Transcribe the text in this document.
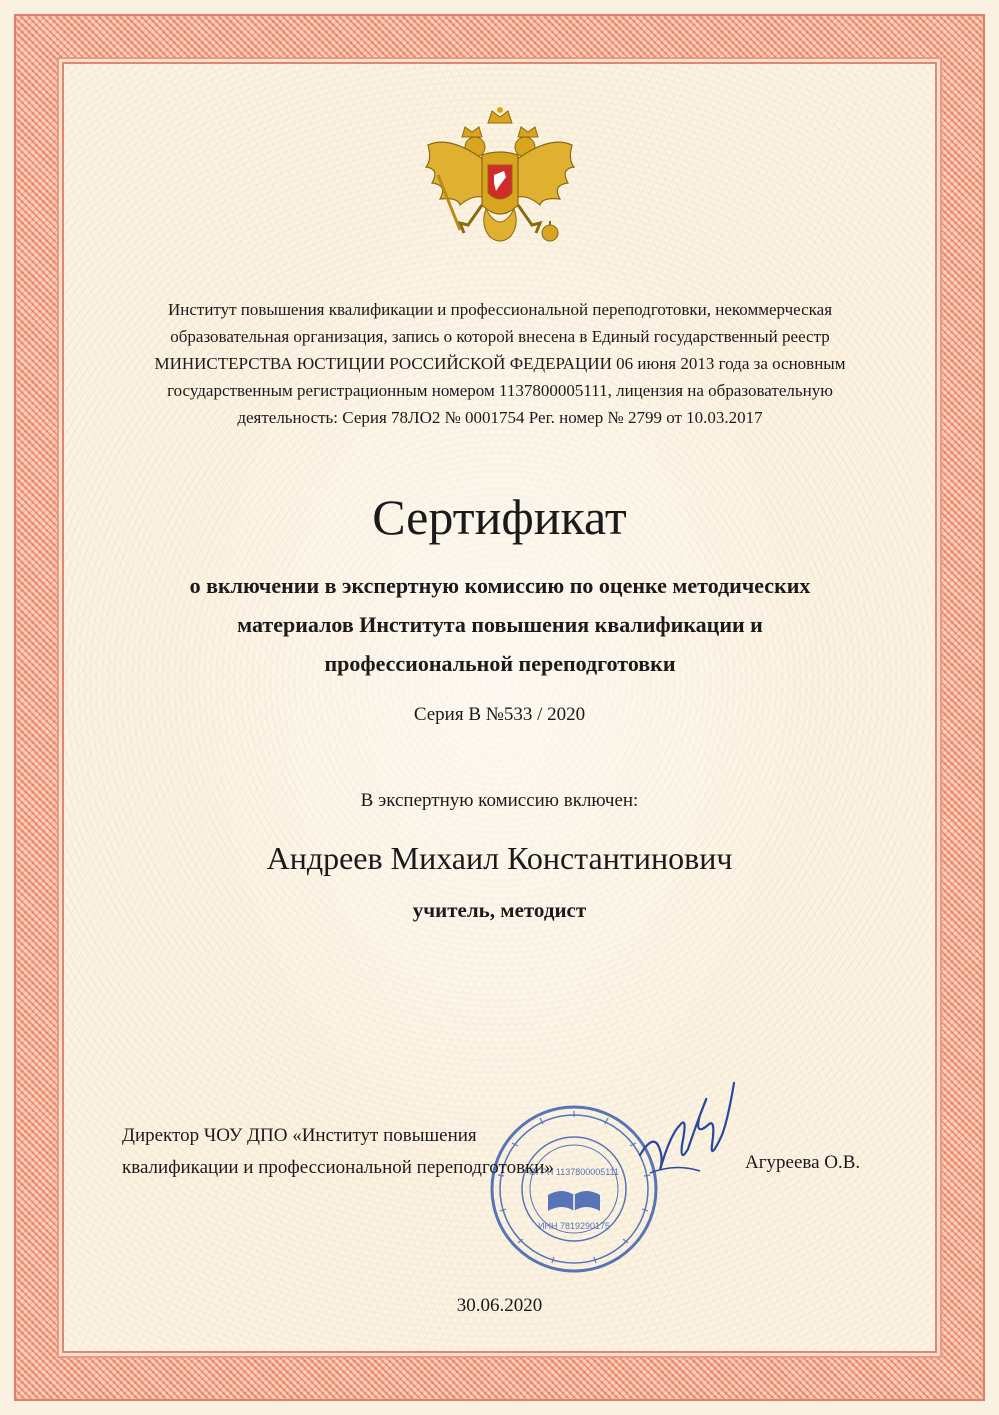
Институт повышения квалификации и профессиональной переподготовки, некоммерческая
образовательная организация, запись о которой внесена в Единый государственный реестр
МИНИСТЕРСТВА ЮСТИЦИИ РОССИЙСКОЙ ФЕДЕРАЦИИ 06 июня 2013 года за основным
государственным регистрационным номером 1137800005111, лицензия на образовательную
деятельность: Серия 78ЛО2 № 0001754 Рег. номер № 2799 от 10.03.2017
Сертификат
о включении в экспертную комиссию по оценке методических
материалов Института повышения квалификации и
профессиональной переподготовки
Серия В №533 / 2020
В экспертную комиссию включен:
Андреев Михаил Константинович
учитель, методист
ОГРН 1137800005111
ИНН 7819290175
Директор ЧОУ ДПО «Институт повышения
квалификации и профессиональной переподготовки»	Агуреева О.В.
30.06.2020
